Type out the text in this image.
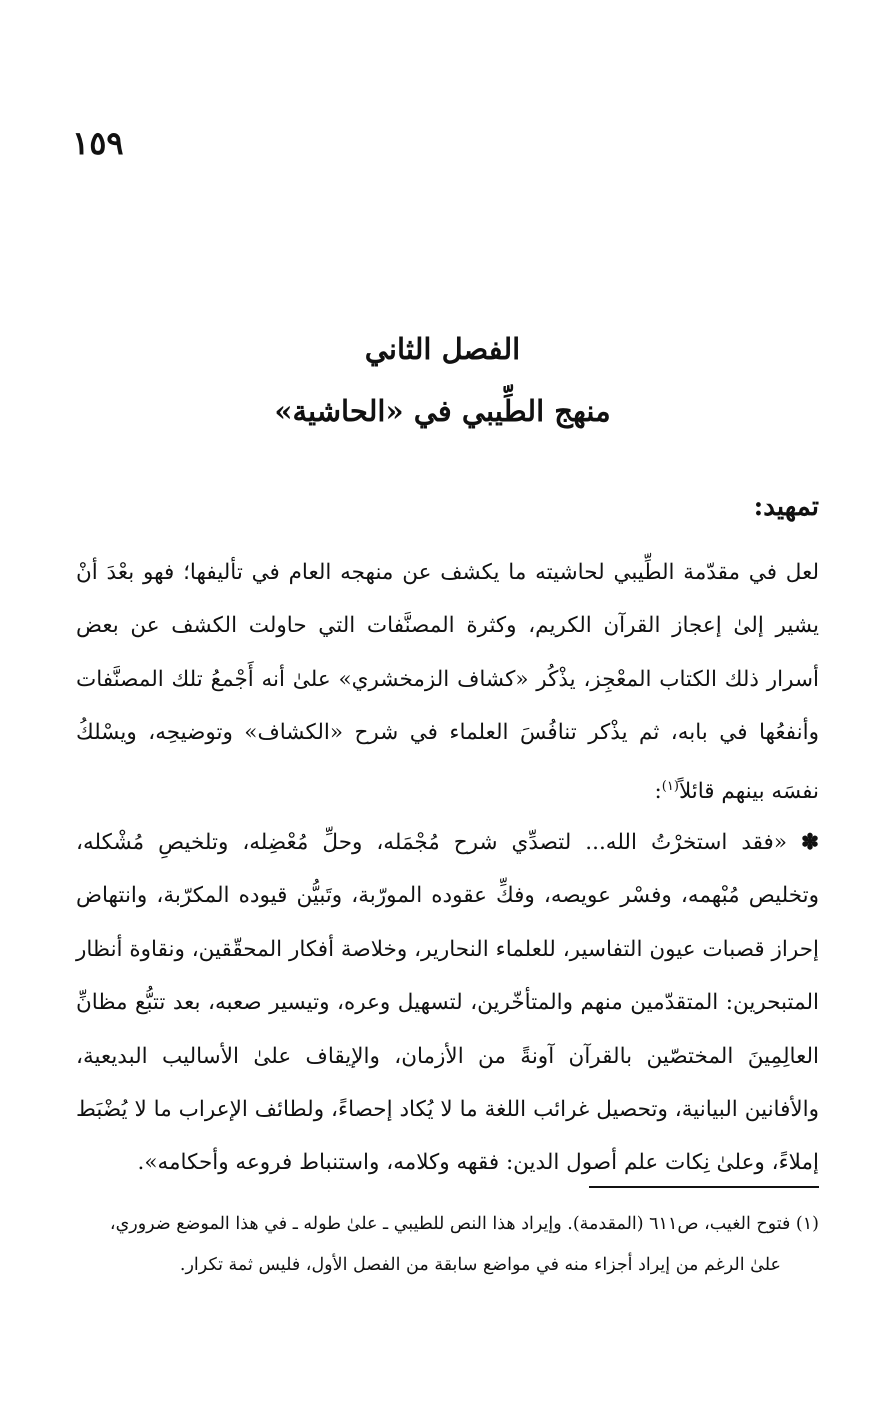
١٥٩
الفصل الثاني
منهج الطِّيبي في «الحاشية»
تمهيد:

لعل في مقدّمة الطِّيبي لحاشيته ما يكشف عن منهجه العام في تأليفها؛ فهو بعْدَ أنْ يشير إلىٰ إعجاز القرآن الكريم، وكثرة المصنَّفات التي حاولت الكشف عن بعض أسرار ذلك الكتاب المعْجِز، يذْكُر «كشاف الزمخشري» علىٰ أنه أَجْمعُ تلك المصنَّفات وأنفعُها في بابه، ثم يذْكر تنافُسَ العلماء في شرح «الكشاف» وتوضيحِه، ويسْلكُ نفسَه بينهم قائلاً$^{(١)}$:

✽ «فقد استخرْتُ الله... لتصدِّي شرح مُجْمَله، وحلِّ مُعْضِله، وتلخيصِ مُشْكله، وتخليص مُبْهمه، وفسْر عويصه، وفكِّ عقوده المورّبة، وتَبيُّن قيوده المكرّبة، وانتهاض إحراز قصبات عيون التفاسير، للعلماء النحارير، وخلاصة أفكار المحقّقين، ونقاوة أنظار المتبحرين: المتقدّمين منهم والمتأخّرين، لتسهيل وعره، وتيسير صعبه، بعد تتبُّع مظانِّ العالِمِينَ المختصّين بالقرآن آونةً من الأزمان، والإيقاف علىٰ الأساليب البديعية، والأفانين البيانية، وتحصيل غرائب اللغة ما لا يُكاد إحصاءً، ولطائف الإعراب ما لا يُضْبَط إملاءً، وعلىٰ نِكات علم أصول الدين: فقهه وكلامه، واستنباط فروعه وأحكامه».

(١) فتوح الغيب، ص٦١١ (المقدمة). وإيراد هذا النص للطيبي ـ علىٰ طوله ـ في هذا الموضع ضروري،
علىٰ الرغم من إيراد أجزاء منه في مواضع سابقة من الفصل الأول، فليس ثمة تكرار.
